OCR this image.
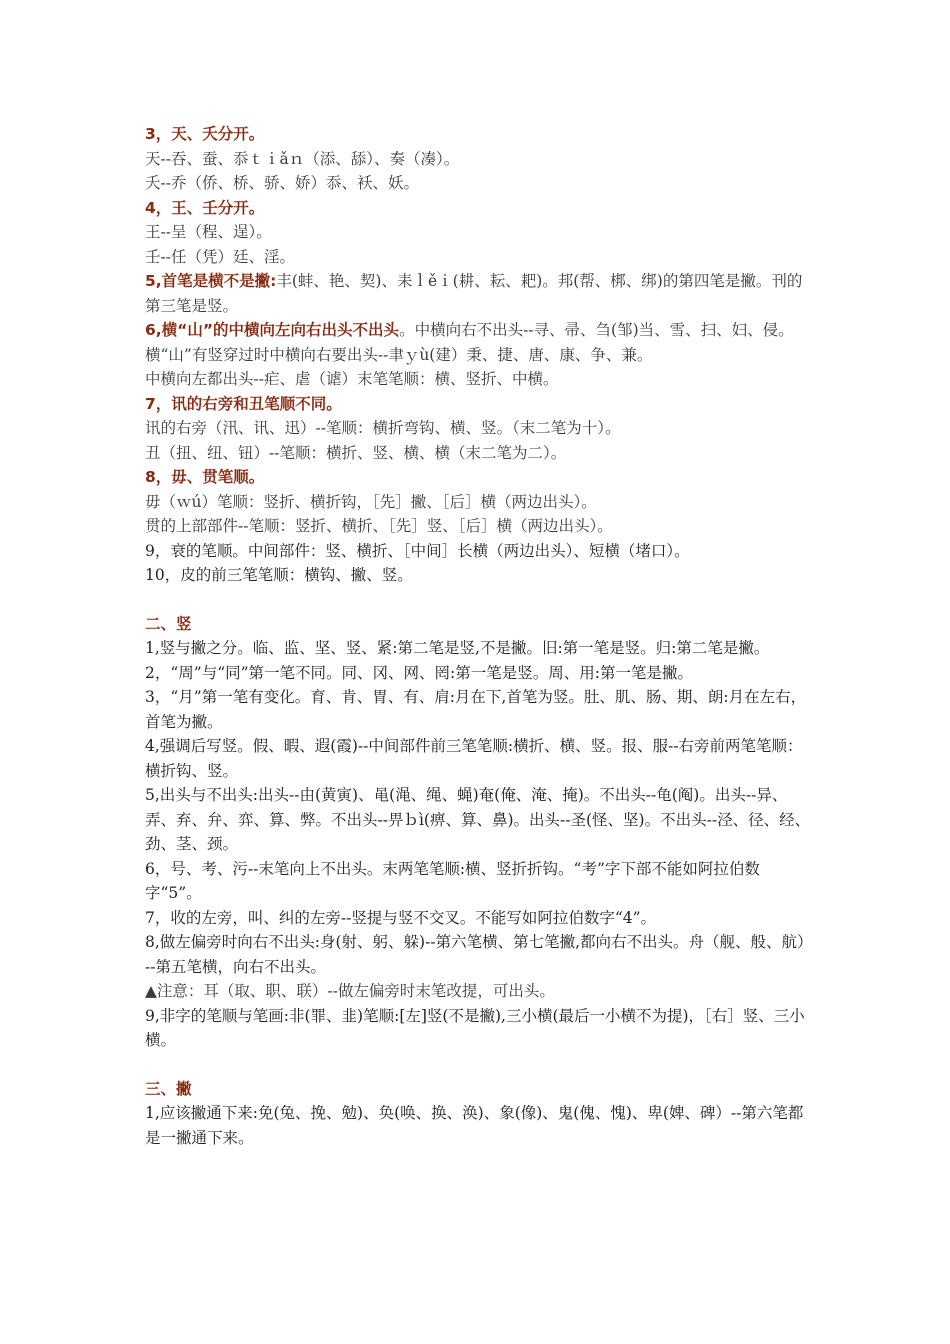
3，天、夭分开。
天--吞、蚕、忝ｔｉǎｎ（添、舔）、奏（凑）。
夭--乔（侨、桥、骄、娇）忝、袄、妖。
4，王、壬分开。
王--呈（程、逞）。
壬--任（凭）廷、淫。
5,首笔是横不是撇:丰(蚌、艳、契)、耒ｌěｉ(耕、耘、耙)。邦(帮、梆、绑)的第四笔是撇。刊的第三笔是竖。
6,横“山”的中横向左向右出头不出头。中横向右不出头--寻、帚、刍(邹)当、雪、扫、妇、侵。
横“山”有竖穿过时中横向右要出头--聿ｙù(建）秉、捷、唐、康、争、兼。
中横向左都出头--疟、虐（谑）末笔笔顺：横、竖折、中横。
7，讯的右旁和丑笔顺不同。
讯的右旁（汛、讯、迅）--笔顺：横折弯钩、横、竖。（末二笔为十）。
丑（扭、纽、钮）--笔顺：横折、竖、横、横（末二笔为二）。
8，毋、贯笔顺。
毋（ｗú）笔顺：竖折、横折钩，［先］撇、［后］横（两边出头）。
贯的上部部件--笔顺：竖折、横折、［先］竖、［后］横（两边出头）。
9，衰的笔顺。中间部件：竖、横折、［中间］长横（两边出头）、短横（堵口）。
10，皮的前三笔笔顺：横钩、撇、竖。
二、竖
1,竖与撇之分。临、监、坚、竖、紧:第二笔是竖,不是撇。旧:第一笔是竖。归:第二笔是撇。
2，“周”与“同”第一笔不同。同、冈、网、罔:第一笔是竖。周、用:第一笔是撇。
3，“月”第一笔有变化。育、肯、胃、有、肩:月在下,首笔为竖。肚、肌、肠、期、朗:月在左右，首笔为撇。
4,强调后写竖。假、暇、遐(霞)--中间部件前三笔笔顺:横折、横、竖。报、服--右旁前两笔笔顺：横折钩、竖。
5,出头与不出头:出头--由(黄寅)、黾(渑、绳、蝇)奄(俺、淹、掩)。不出头--龟(阄)。出头--异、弄、弃、弁、弈、算、弊。不出头--畀ｂì(痹、算、鼻)。出头--圣(怪、坚)。不出头--泾、径、经、劲、茎、颈。
6，号、考、污--末笔向上不出头。末两笔笔顺:横、竖折折钩。“考”字下部不能如阿拉伯数字“5”。
7，收的左旁，叫、纠的左旁--竖提与竖不交叉。不能写如阿拉伯数字“4”。
8,做左偏旁时向右不出头:身(射、躬、躲)--第六笔横、第七笔撇,都向右不出头。舟（舰、般、航）--第五笔横，向右不出头。
▲注意：耳（取、职、联）--做左偏旁时末笔改提，可出头。
9,非字的笔顺与笔画:非(罪、韭)笔顺:[左]竖(不是撇),三小横(最后一小横不为提)，［右］竖、三小横。
三、撇
1,应该撇通下来:免(兔、挽、勉)、奂(唤、换、涣)、象(像)、鬼(傀、愧)、卑(婢、碑）--第六笔都是一撇通下来。
